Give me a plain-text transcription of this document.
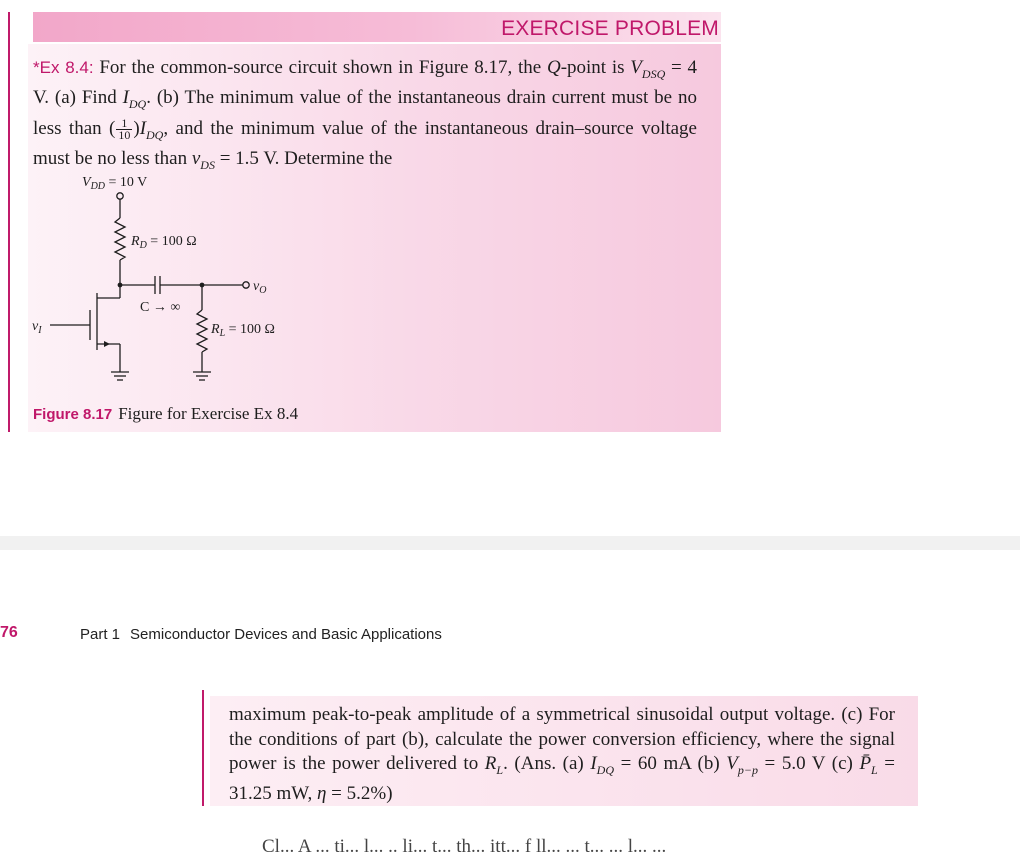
EXERCISE PROBLEM
*Ex 8.4: For the common-source circuit shown in Figure 8.17, the Q-point is $V_{DSQ} = 4$ V. (a) Find $I_{DQ}$. (b) The minimum value of the instantaneous drain current must be no less than ( $\frac{1}{10} )I_{DQ}$, and the minimum value of the instantaneous drain–source voltage must be no less than $v_{DS} = 1.5$ V. Determine the
$V_{DD} = 10$ V
$R_D = 100$ Ω
C → ∞
$v_O$
$R_L = 100$ Ω
$v_I$
Figure 8.17 Figure for Exercise Ex 8.4
76	Part 1 Semiconductor Devices and Basic Applications
maximum peak-to-peak amplitude of a symmetrical sinusoidal output voltage. (c) For the conditions of part (b), calculate the power conversion efficiency, where the signal power is the power delivered to $R_L$. (Ans. (a) $I_{DQ} = 60$ mA (b) $V_{p-p} = 5.0$ V (c) $P̄_L = 31.25$ mW, η = 5.2%)
Cl... A ... ti... l... .. li... t... th... itt... f ll... ... t... ... l... ...
